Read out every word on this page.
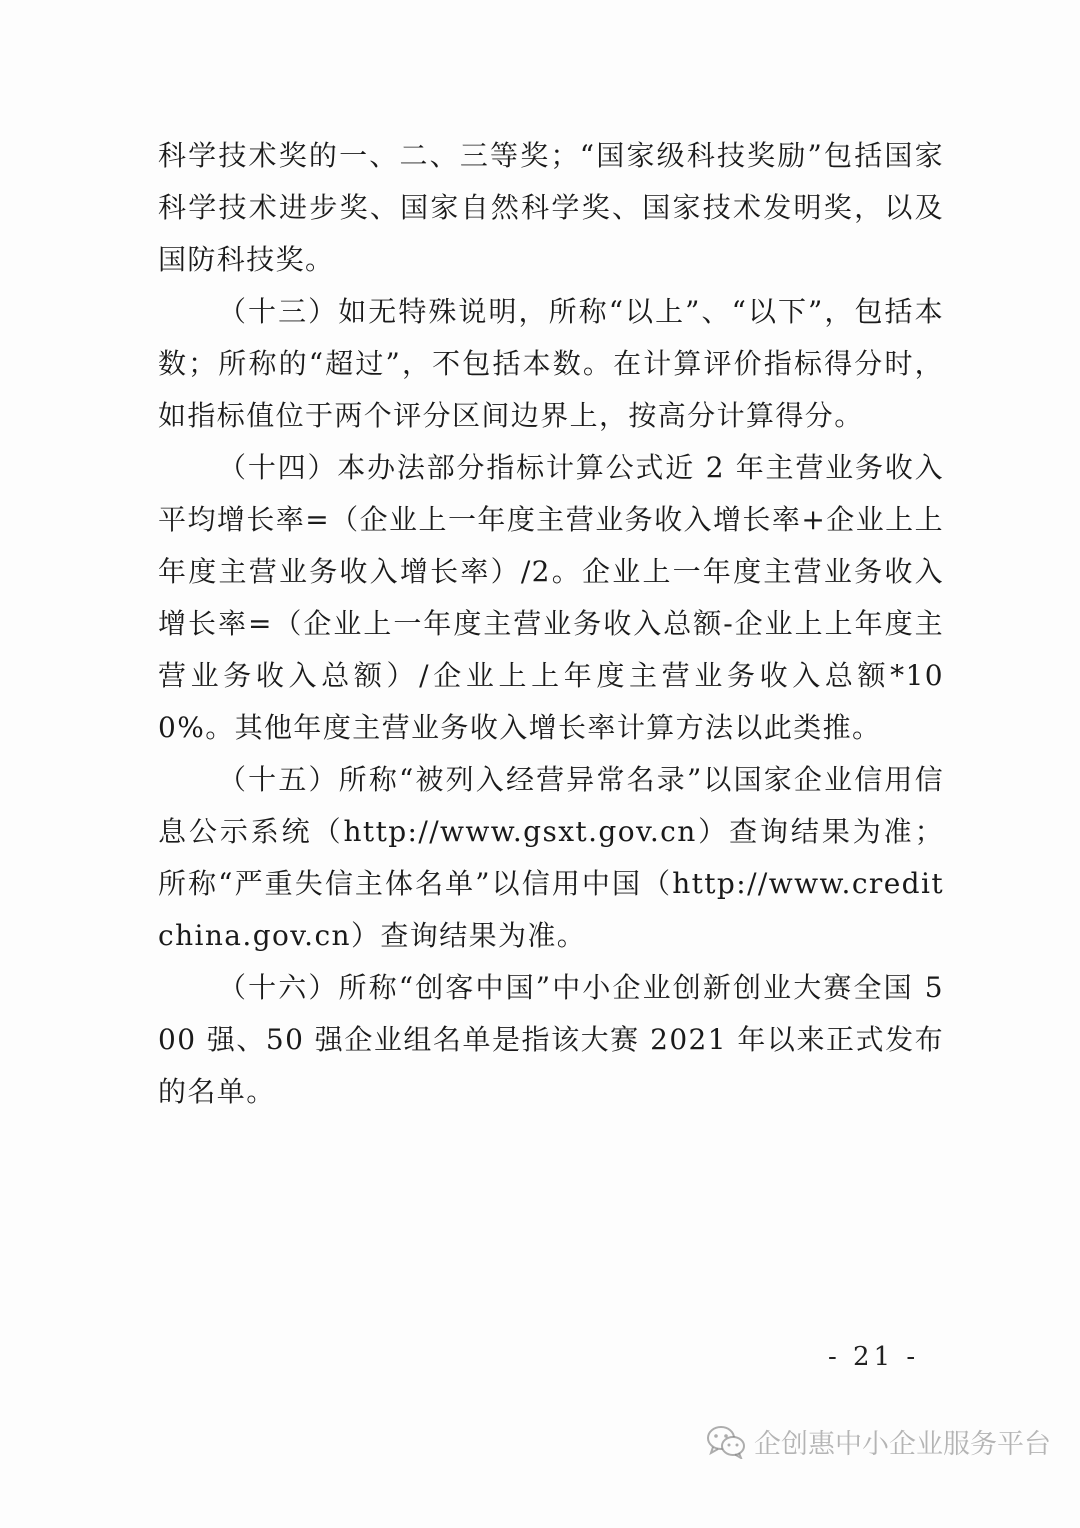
科学技术奖的一、二、三等奖；“国家级科技奖励”包括国家科学技术进步奖、国家自然科学奖、国家技术发明奖，以及国防科技奖。

（十三）如无特殊说明，所称“以上”、“以下”，包括本数；所称的“超过”，不包括本数。在计算评价指标得分时，如指标值位于两个评分区间边界上，按高分计算得分。

（十四）本办法部分指标计算公式近 2 年主营业务收入平均增长率=（企业上一年度主营业务收入增长率+企业上上年度主营业务收入增长率）/2。企业上一年度主营业务收入增长率=（企业上一年度主营业务收入总额-企业上上年度主营业务收入总额）/企业上上年度主营业务收入总额*100%。其他年度主营业务收入增长率计算方法以此类推。

（十五）所称“被列入经营异常名录”以国家企业信用信息公示系统（http://www.gsxt.gov.cn）查询结果为准；所称“严重失信主体名单”以信用中国（http://www.creditchina.gov.cn）查询结果为准。

（十六）所称“创客中国”中小企业创新创业大赛全国 500 强、50 强企业组名单是指该大赛 2021 年以来正式发布的名单。

- 21 -
企创惠中小企业服务平台
